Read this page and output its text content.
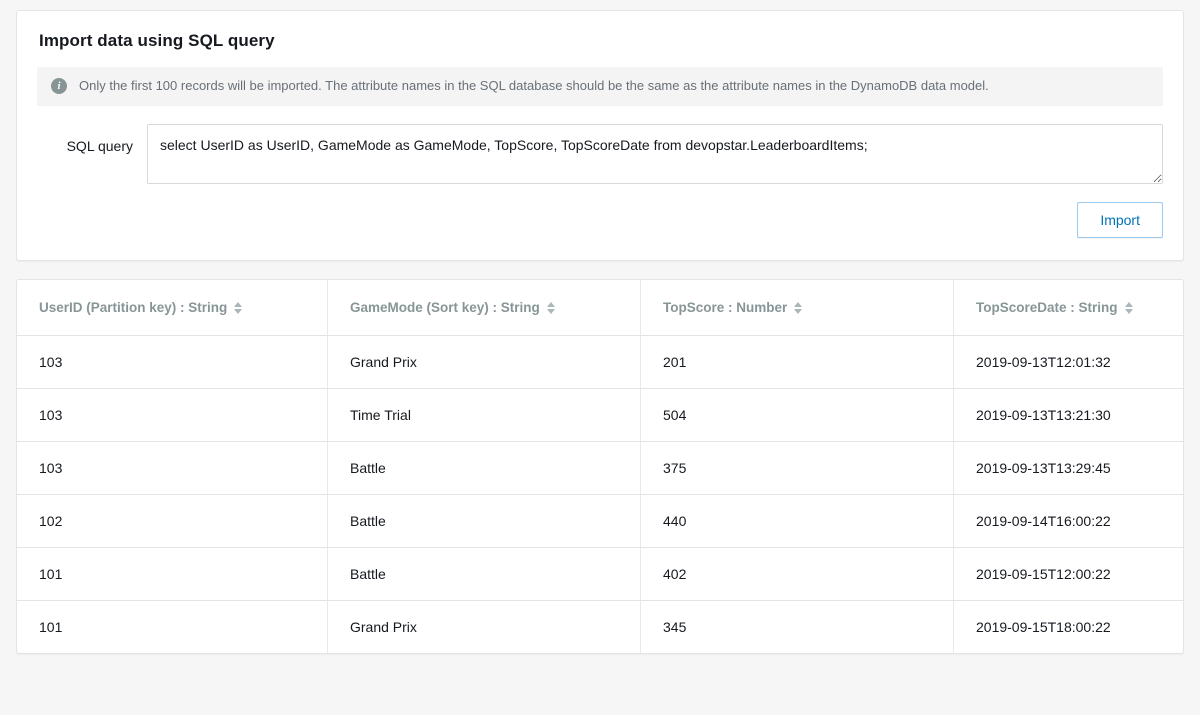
Import data using SQL query
i	Only the first 100 records will be imported. The attribute names in the SQL database should be the same as the attribute names in the DynamoDB data model.
SQL query
select UserID as UserID, GameMode as GameMode, TopScore, TopScoreDate from devopstar.LeaderboardItems;
Import
UserID (Partition key) : String	GameMode (Sort key) : String	TopScore : Number	TopScoreDate : String
103	Grand Prix	201	2019-09-13T12:01:32
103	Time Trial	504	2019-09-13T13:21:30
103	Battle	375	2019-09-13T13:29:45
102	Battle	440	2019-09-14T16:00:22
101	Battle	402	2019-09-15T12:00:22
101	Grand Prix	345	2019-09-15T18:00:22
